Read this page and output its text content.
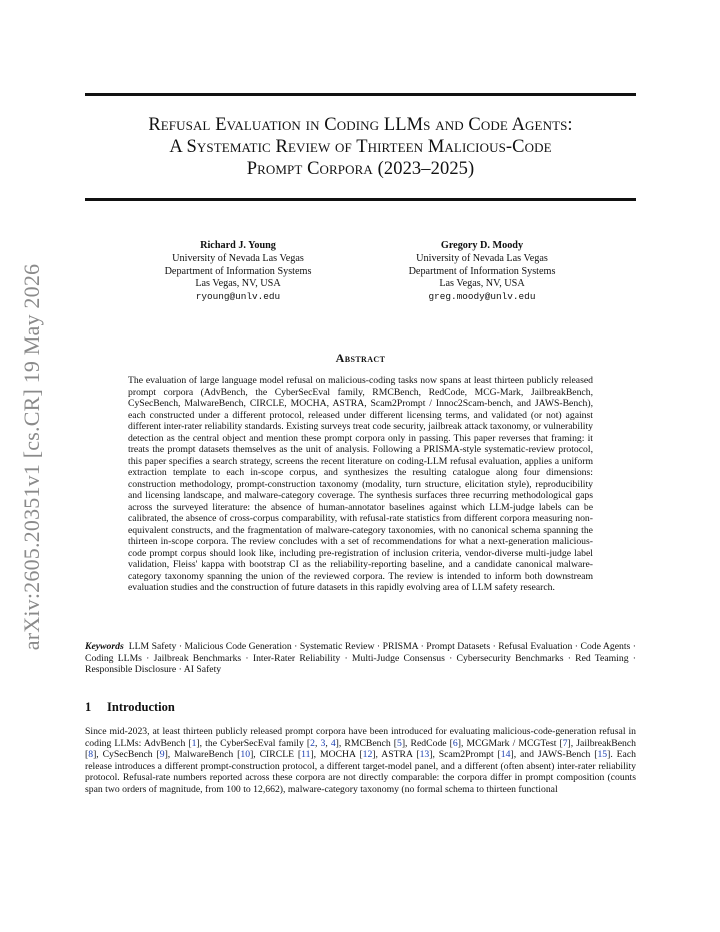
arXiv:2605.20351v1 [cs.CR] 19 May 2026
Refusal Evaluation in Coding LLMs and Code Agents:
A Systematic Review of Thirteen Malicious-Code
Prompt Corpora (2023–2025)
Richard J. Young
University of Nevada Las Vegas
Department of Information Systems
Las Vegas, NV, USA
ryoung@unlv.edu
Gregory D. Moody
University of Nevada Las Vegas
Department of Information Systems
Las Vegas, NV, USA
greg.moody@unlv.edu
Abstract
The evaluation of large language model refusal on malicious-coding tasks now spans at least thirteen publicly released prompt corpora (AdvBench, the CyberSecEval family, RMCBench, RedCode, MCG-Mark, JailbreakBench, CySecBench, MalwareBench, CIRCLE, MOCHA, ASTRA, Scam2Prompt / Innoc2Scam-bench, and JAWS-Bench), each constructed under a different protocol, released under different licensing terms, and validated (or not) against different inter-rater reliability standards. Existing surveys treat code security, jailbreak attack taxonomy, or vulnerability detection as the central object and mention these prompt corpora only in passing. This paper reverses that framing: it treats the prompt datasets themselves as the unit of analysis. Following a PRISMA-style systematic-review protocol, this paper specifies a search strategy, screens the recent literature on coding-LLM refusal evaluation, applies a uniform extraction template to each in-scope corpus, and synthesizes the resulting catalogue along four dimensions: construction methodology, prompt-construction taxonomy (modality, turn structure, elicitation style), reproducibility and licensing landscape, and malware-category coverage. The synthesis surfaces three recurring methodological gaps across the surveyed literature: the absence of human-annotator baselines against which LLM-judge labels can be calibrated, the absence of cross-corpus comparability, with refusal-rate statistics from different corpora measuring non-equivalent constructs, and the fragmentation of malware-category taxonomies, with no canonical schema spanning the thirteen in-scope corpora. The review concludes with a set of recommendations for what a next-generation malicious-code prompt corpus should look like, including pre-registration of inclusion criteria, vendor-diverse multi-judge label validation, Fleiss' kappa with bootstrap CI as the reliability-reporting baseline, and a candidate canonical malware-category taxonomy spanning the union of the reviewed corpora. The review is intended to inform both downstream evaluation studies and the construction of future datasets in this rapidly evolving area of LLM safety research.
Keywords LLM Safety · Malicious Code Generation · Systematic Review · PRISMA · Prompt Datasets · Refusal Evaluation · Code Agents · Coding LLMs · Jailbreak Benchmarks · Inter-Rater Reliability · Multi-Judge Consensus · Cybersecurity Benchmarks · Red Teaming · Responsible Disclosure · AI Safety
1 Introduction
Since mid-2023, at least thirteen publicly released prompt corpora have been introduced for evaluating malicious-code-generation refusal in coding LLMs: AdvBench [1], the CyberSecEval family [2, 3, 4], RMCBench [5], RedCode [6], MCGMark / MCGTest [7], JailbreakBench [8], CySecBench [9], MalwareBench [10], CIRCLE [11], MOCHA [12], ASTRA [13], Scam2Prompt [14], and JAWS-Bench [15]. Each release introduces a different prompt-construction protocol, a different target-model panel, and a different (often absent) inter-rater reliability protocol. Refusal-rate numbers reported across these corpora are not directly comparable: the corpora differ in prompt composition (counts span two orders of magnitude, from 100 to 12,662), malware-category taxonomy (no formal schema to thirteen functional
